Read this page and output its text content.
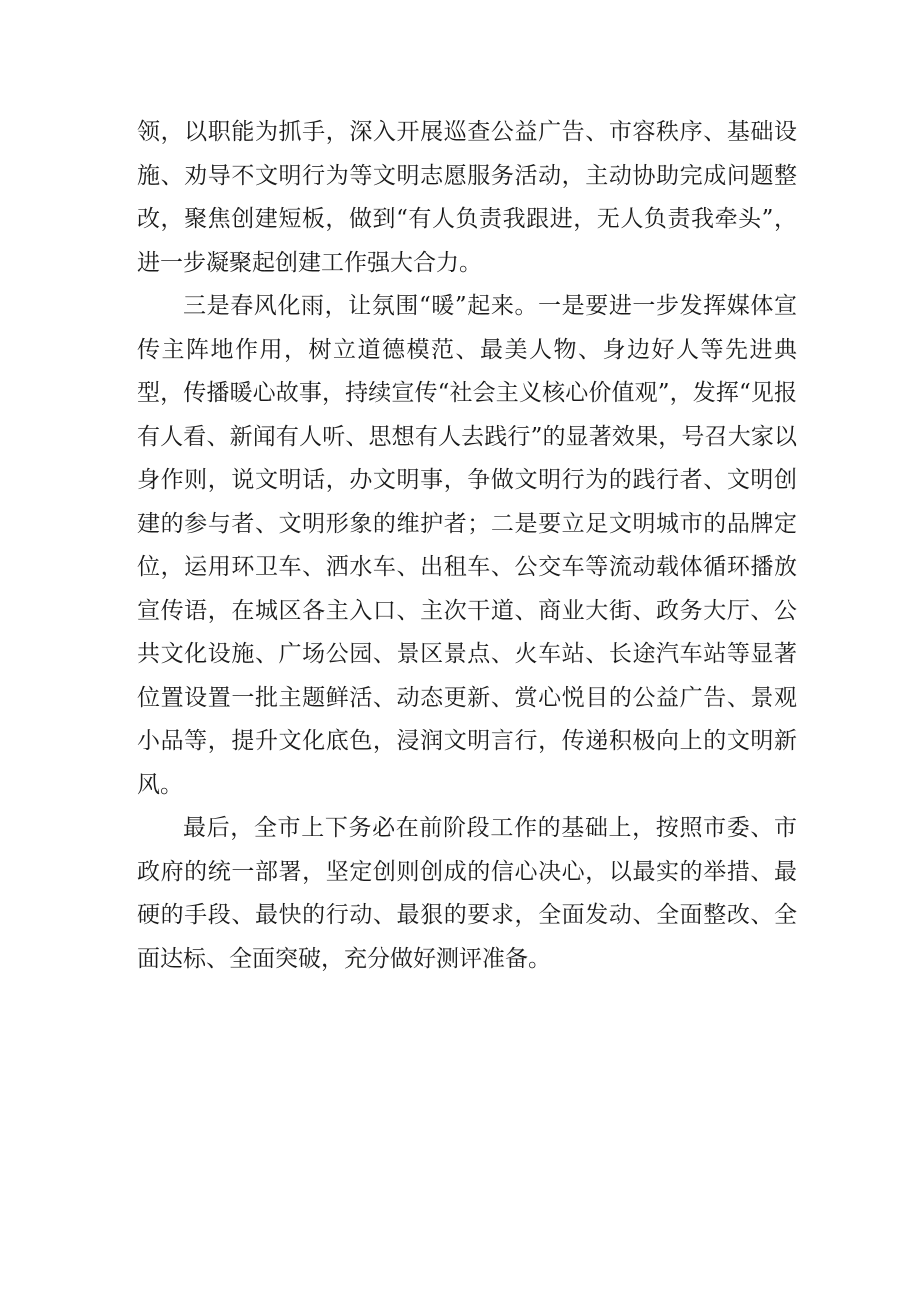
领，以职能为抓手，深入开展巡查公益广告、市容秩序、基础设施、劝导不文明行为等文明志愿服务活动，主动协助完成问题整改，聚焦创建短板，做到“有人负责我跟进，无人负责我牵头”，进一步凝聚起创建工作强大合力。

三是春风化雨，让氛围“暖”起来。一是要进一步发挥媒体宣传主阵地作用，树立道德模范、最美人物、身边好人等先进典型，传播暖心故事，持续宣传“社会主义核心价值观”，发挥“见报有人看、新闻有人听、思想有人去践行”的显著效果，号召大家以身作则，说文明话，办文明事，争做文明行为的践行者、文明创建的参与者、文明形象的维护者；二是要立足文明城市的品牌定位，运用环卫车、洒水车、出租车、公交车等流动载体循环播放宣传语，在城区各主入口、主次干道、商业大街、政务大厅、公共文化设施、广场公园、景区景点、火车站、长途汽车站等显著位置设置一批主题鲜活、动态更新、赏心悦目的公益广告、景观小品等，提升文化底色，浸润文明言行，传递积极向上的文明新风。

最后，全市上下务必在前阶段工作的基础上，按照市委、市政府的统一部署，坚定创则创成的信心决心，以最实的举措、最硬的手段、最快的行动、最狠的要求，全面发动、全面整改、全面达标、全面突破，充分做好测评准备。
